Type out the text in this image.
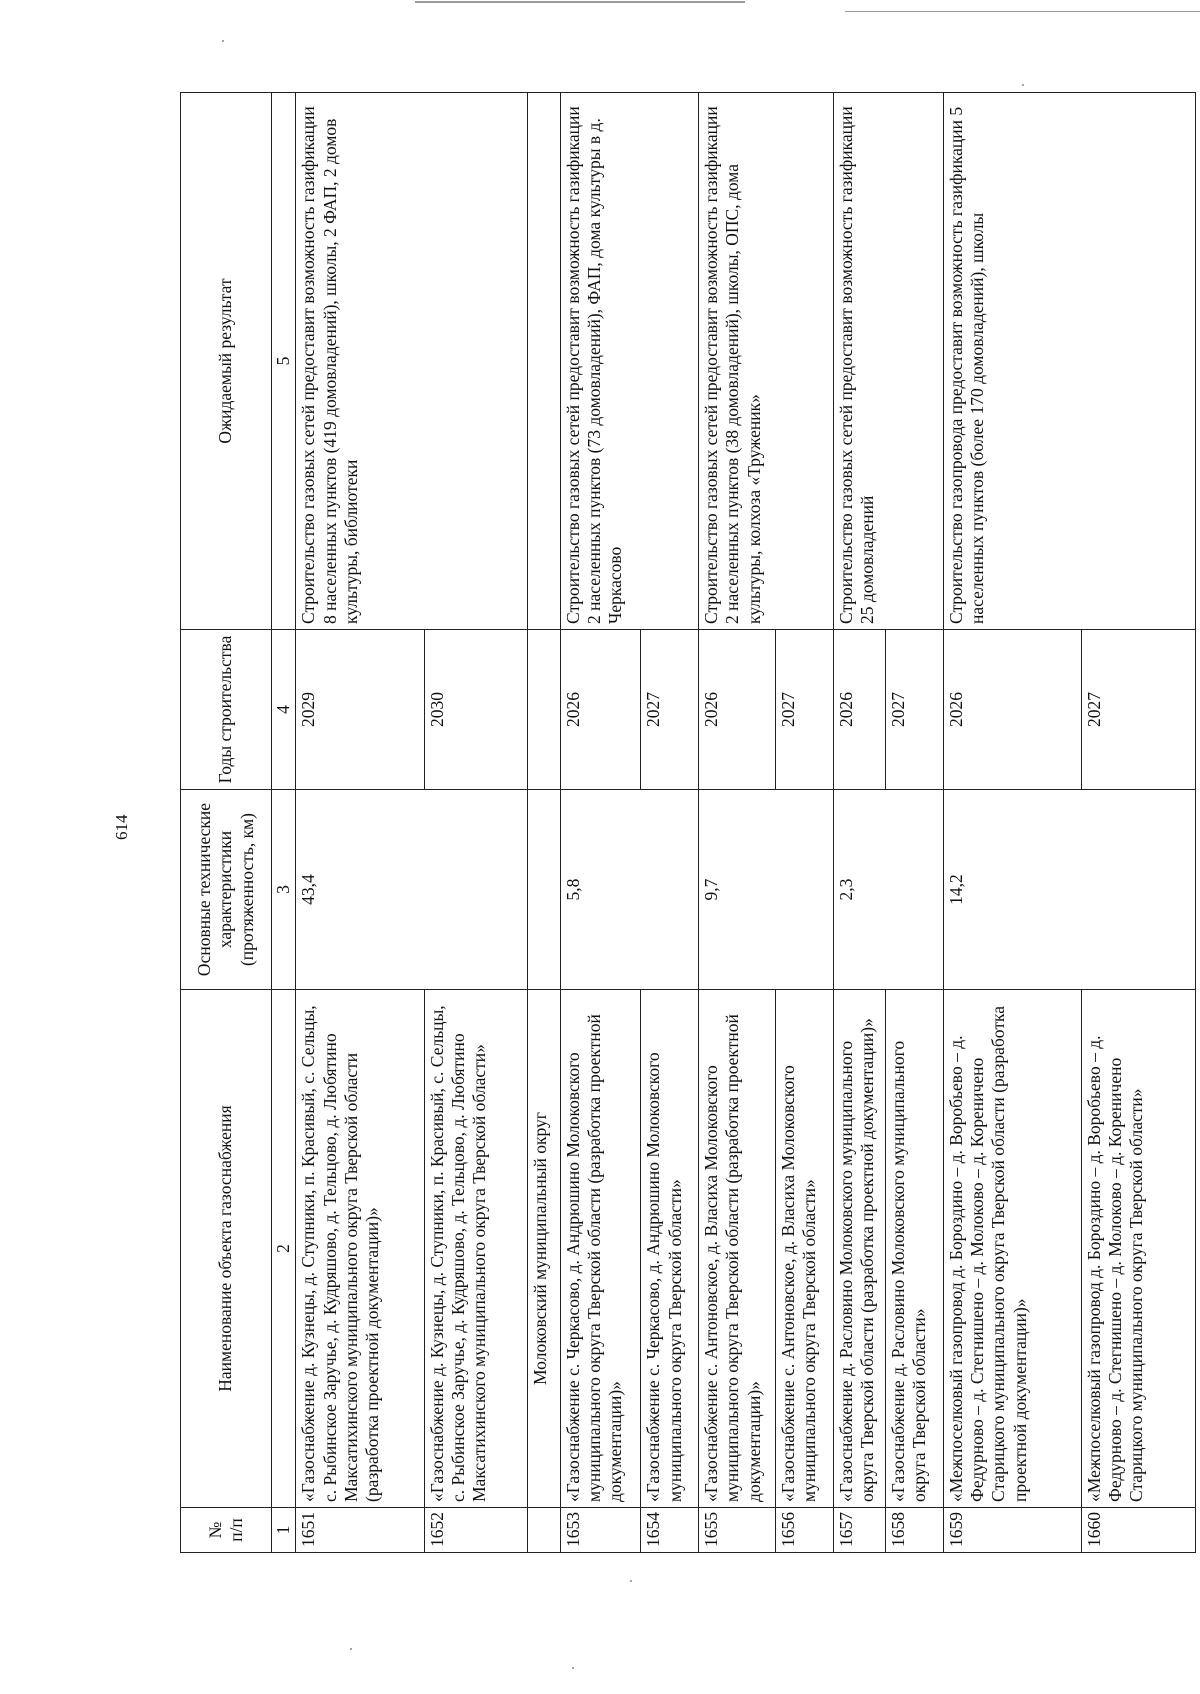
614
№ п/п	Наименование объекта газоснабжения	Основные технические характеристики (протяженность, км)	Годы строительства	Ожидаемый результат
1	2	3	4	5
1651	«Газоснабжение д. Кузнецы, д. Ступники, п. Красивый, с. Сельцы, с. Рыбинское Заручье, д. Кудряшово, д. Тельцово, д. Любятино Максатихинского муниципального округа Тверской области (разработка проектной документации)»	43,4	2029	Строительство газовых сетей предоставит возможность газификации 8 населенных пунктов (419 домовладений), школы, 2 ФАП, 2 домов культуры, библиотеки
1652	«Газоснабжение д. Кузнецы, д. Ступники, п. Красивый, с. Сельцы, с. Рыбинское Заручье, д. Кудряшово, д. Тельцово, д. Любятино Максатихинского муниципального округа Тверской области»		2030	
	Молоковский муниципальный округ			
1653	«Газоснабжение с. Черкасово, д. Андрюшино Молоковского муниципального округа Тверской области (разработка проектной документации)»	5,8	2026	Строительство газовых сетей предоставит возможность газификации 2 населенных пунктов (73 домовладений), ФАП, дома культуры в д. Черкасово
1654	«Газоснабжение с. Черкасово, д. Андрюшино Молоковского муниципального округа Тверской области»		2027	
1655	«Газоснабжение с. Антоновское, д. Власиха Молоковского муниципального округа Тверской области (разработка проектной документации)»	9,7	2026	Строительство газовых сетей предоставит возможность газификации 2 населенных пунктов (38 домовладений), школы, ОПС, дома культуры, колхоза «Труженик»
1656	«Газоснабжение с. Антоновское, д. Власиха Молоковского муниципального округа Тверской области»		2027	
1657	«Газоснабжение д. Расловино Молоковского муниципального округа Тверской области (разработка проектной документации)»	2,3	2026	Строительство газовых сетей предоставит возможность газификации 25 домовладений
1658	«Газоснабжение д. Расловино Молоковского муниципального округа Тверской области»		2027	
1659	«Межпоселковый газопровод д. Бороздино – д. Воробьево – д. Федурново – д. Стегнишено – д. Молоково – д. Кореничено Старицкого муниципального округа Тверской области (разработка проектной документации)»	14,2	2026	Строительство газопровода предоставит возможность газификации 5 населенных пунктов (более 170 домовладений), школы
1660	«Межпоселковый газопровод д. Бороздино – д. Воробьево – д. Федурново – д. Стегнишено – д. Молоково – д. Кореничено Старицкого муниципального округа Тверской области»		2027	
